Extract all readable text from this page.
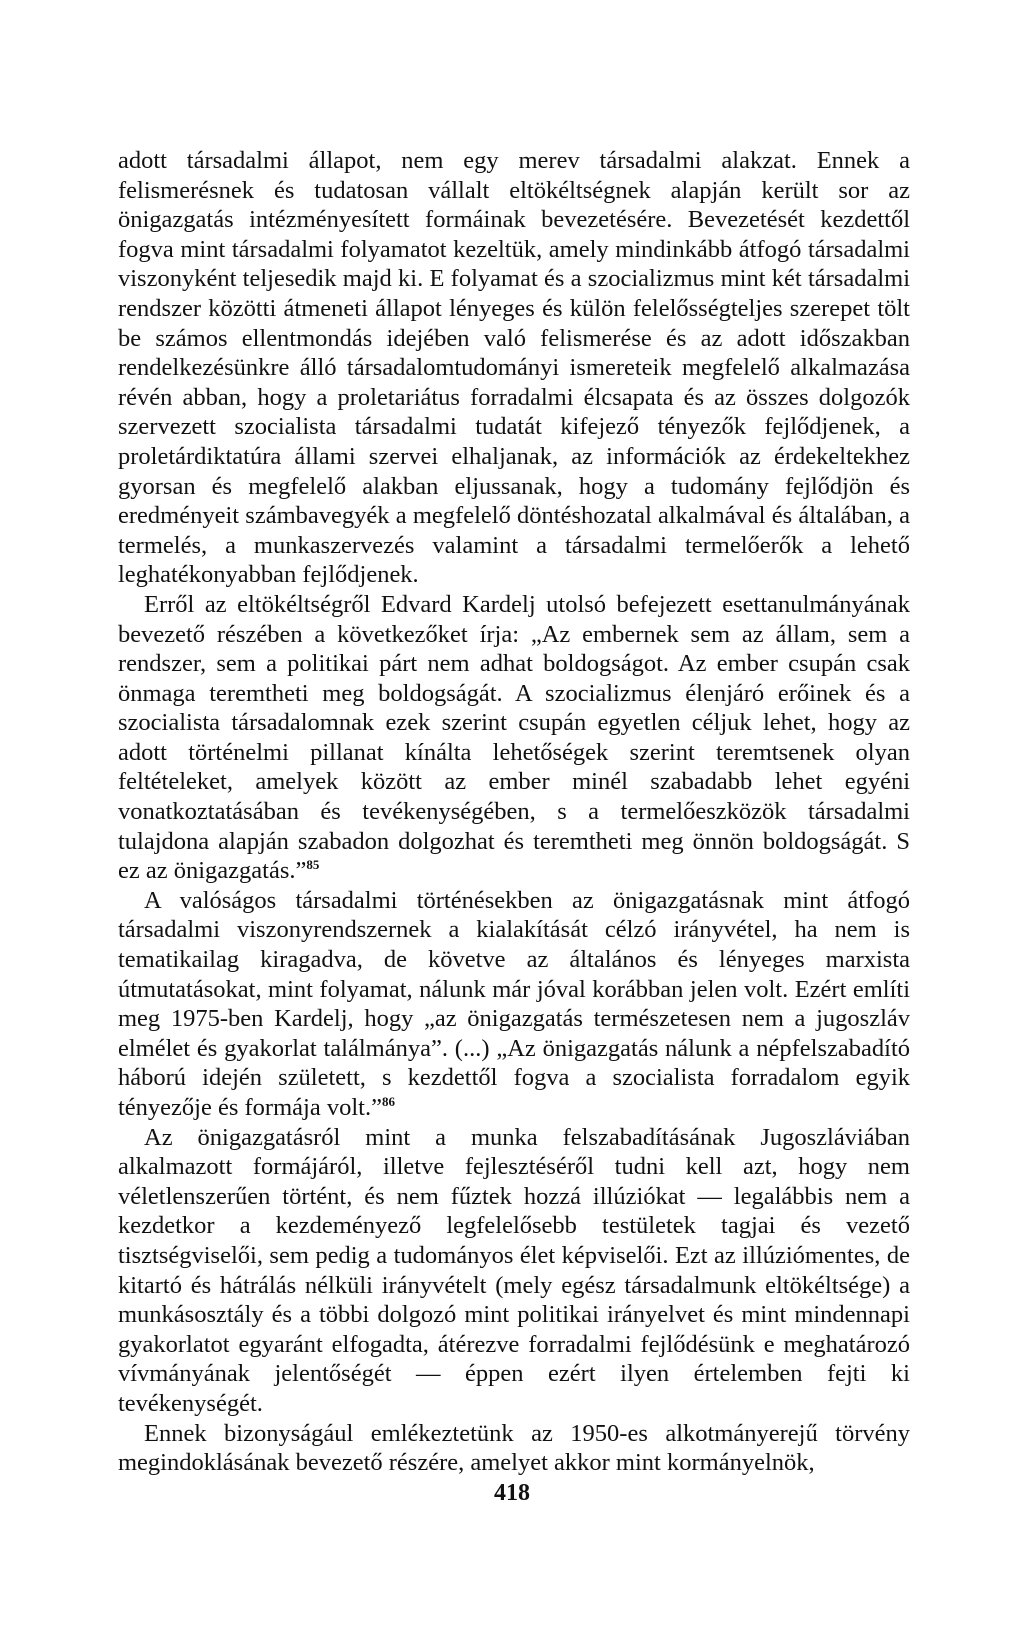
adott társadalmi állapot, nem egy merev társadalmi alakzat. Ennek a felismerésnek és tudatosan vállalt eltökéltségnek alapján került sor az önigazgatás intézményesített formáinak bevezetésére. Bevezetését kezdettől fogva mint társadalmi folyamatot kezeltük, amely mindinkább átfogó társadalmi viszonyként teljesedik majd ki. E folyamat és a szocializmus mint két társadalmi rendszer közötti átmeneti állapot lényeges és külön felelősségteljes szerepet tölt be számos ellentmondás idejében való felismerése és az adott időszakban rendelkezésünkre álló társadalomtudományi ismereteik megfelelő alkalmazása révén abban, hogy a proletariátus forradalmi élcsapata és az összes dolgozók szervezett szocialista társadalmi tudatát kifejező tényezők fejlődjenek, a proletárdiktatúra állami szervei elhaljanak, az információk az érdekeltekhez gyorsan és megfelelő alakban eljussanak, hogy a tudomány fejlődjön és eredményeit számbavegyék a megfelelő döntéshozatal alkalmával és általában, a termelés, a munkaszervezés valamint a társadalmi termelőerők a lehető leghatékonyabban fejlődjenek.

Erről az eltökéltségről Edvard Kardelj utolsó befejezett esettanulmányának bevezető részében a következőket írja: „Az embernek sem az állam, sem a rendszer, sem a politikai párt nem adhat boldogságot. Az ember csupán csak önmaga teremtheti meg boldogságát. A szocializmus élenjáró erőinek és a szocialista társadalomnak ezek szerint csupán egyetlen céljuk lehet, hogy az adott történelmi pillanat kínálta lehetőségek szerint teremtsenek olyan feltételeket, amelyek között az ember minél szabadabb lehet egyéni vonatkoztatásában és tevékenységében, s a termelőeszközök társadalmi tulajdona alapján szabadon dolgozhat és teremtheti meg önnön boldogságát. S ez az önigazgatás.”$^{85}$

A valóságos társadalmi történésekben az önigazgatásnak mint átfogó társadalmi viszonyrendszernek a kialakítását célzó irányvétel, ha nem is tematikailag kiragadva, de követve az általános és lényeges marxista útmutatásokat, mint folyamat, nálunk már jóval korábban jelen volt. Ezért említi meg 1975-ben Kardelj, hogy „az önigazgatás természetesen nem a jugoszláv elmélet és gyakorlat találmánya”. (...) „Az önigazgatás nálunk a népfelszabadító háború idején született, s kezdettől fogva a szocialista forradalom egyik tényezője és formája volt.”$^{86}$

Az önigazgatásról mint a munka felszabadításának Jugoszláviában alkalmazott formájáról, illetve fejlesztéséről tudni kell azt, hogy nem véletlenszerűen történt, és nem fűztek hozzá illúziókat — legalábbis nem a kezdetkor a kezdeményező legfelelősebb testületek tagjai és vezető tisztségviselői, sem pedig a tudományos élet képviselői. Ezt az illúziómentes, de kitartó és hátrálás nélküli irányvételt (mely egész társadalmunk eltökéltsége) a munkásosztály és a többi dolgozó mint politikai irányelvet és mint mindennapi gyakorlatot egyaránt elfogadta, átérezve forradalmi fejlődésünk e meghatározó vívmányának jelentőségét — éppen ezért ilyen értelemben fejti ki tevékenységét.

Ennek bizonyságául emlékeztetünk az 1950-es alkotmányerejű törvény megindoklásának bevezető részére, amelyet akkor mint kormányelnök,

418
